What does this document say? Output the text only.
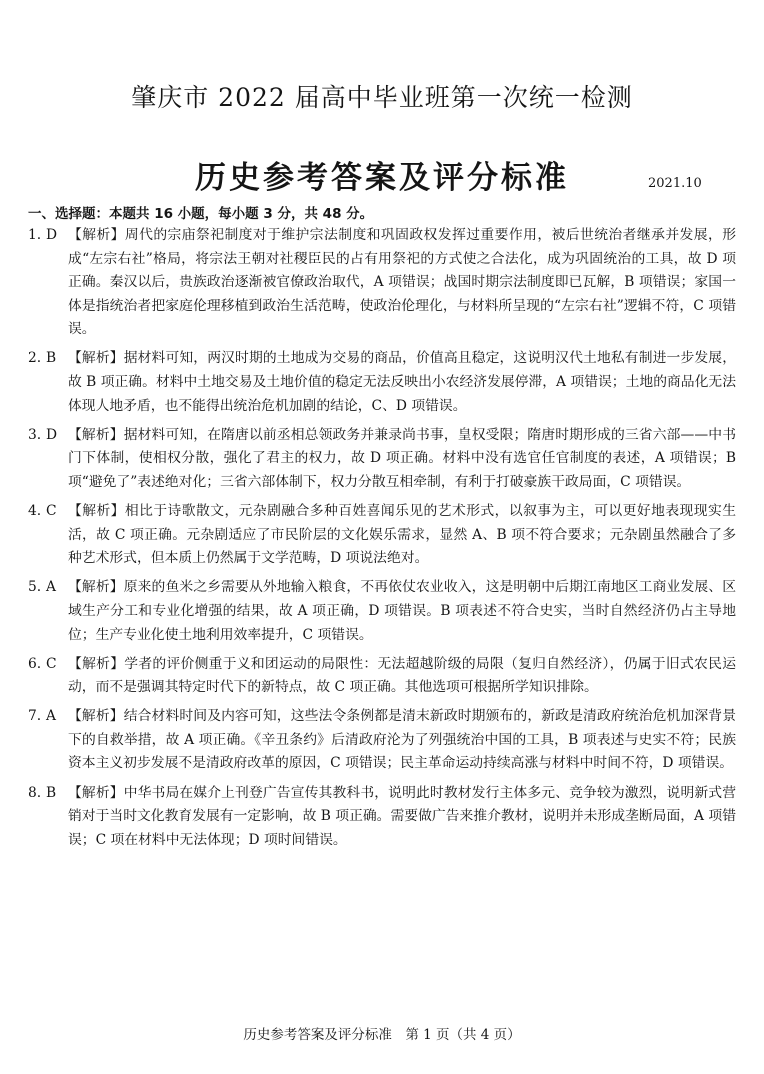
肇庆市 2022 届高中毕业班第一次统一检测
历史参考答案及评分标准	2021.10
一、选择题：本题共 16 小题，每小题 3 分，共 48 分。
1. D 【解析】周代的宗庙祭祀制度对于维护宗法制度和巩固政权发挥过重要作用，被后世统治者继承并发展，形成“左宗右社”格局，将宗法王朝对社稷臣民的占有用祭祀的方式使之合法化，成为巩固统治的工具，故 D 项正确。秦汉以后，贵族政治逐渐被官僚政治取代，A 项错误；战国时期宗法制度即已瓦解，B 项错误；家国一体是指统治者把家庭伦理移植到政治生活范畴，使政治伦理化，与材料所呈现的“左宗右社”逻辑不符，C 项错误。
2. B 【解析】据材料可知，两汉时期的土地成为交易的商品，价值高且稳定，这说明汉代土地私有制进一步发展，故 B 项正确。材料中土地交易及土地价值的稳定无法反映出小农经济发展停滞，A 项错误；土地的商品化无法体现人地矛盾，也不能得出统治危机加剧的结论，C、D 项错误。
3. D 【解析】据材料可知，在隋唐以前丞相总领政务并兼录尚书事，皇权受限；隋唐时期形成的三省六部——中书门下体制，使相权分散，强化了君主的权力，故 D 项正确。材料中没有选官任官制度的表述，A 项错误；B 项“避免了”表述绝对化；三省六部体制下，权力分散互相牵制，有利于打破豪族干政局面，C 项错误。
4. C 【解析】相比于诗歌散文，元杂剧融合多种百姓喜闻乐见的艺术形式，以叙事为主，可以更好地表现现实生活，故 C 项正确。元杂剧适应了市民阶层的文化娱乐需求，显然 A、B 项不符合要求；元杂剧虽然融合了多种艺术形式，但本质上仍然属于文学范畴，D 项说法绝对。
5. A 【解析】原来的鱼米之乡需要从外地输入粮食，不再依仗农业收入，这是明朝中后期江南地区工商业发展、区域生产分工和专业化增强的结果，故 A 项正确，D 项错误。B 项表述不符合史实，当时自然经济仍占主导地位；生产专业化使土地利用效率提升，C 项错误。
6. C 【解析】学者的评价侧重于义和团运动的局限性：无法超越阶级的局限（复归自然经济），仍属于旧式农民运动，而不是强调其特定时代下的新特点，故 C 项正确。其他选项可根据所学知识排除。
7. A 【解析】结合材料时间及内容可知，这些法令条例都是清末新政时期颁布的，新政是清政府统治危机加深背景下的自救举措，故 A 项正确。《辛丑条约》后清政府沦为了列强统治中国的工具，B 项表述与史实不符；民族资本主义初步发展不是清政府改革的原因，C 项错误；民主革命运动持续高涨与材料中时间不符，D 项错误。
8. B 【解析】中华书局在媒介上刊登广告宣传其教科书，说明此时教材发行主体多元、竞争较为激烈，说明新式营销对于当时文化教育发展有一定影响，故 B 项正确。需要做广告来推介教材，说明并未形成垄断局面，A 项错误；C 项在材料中无法体现；D 项时间错误。
历史参考答案及评分标准　第 1 页（共 4 页）
